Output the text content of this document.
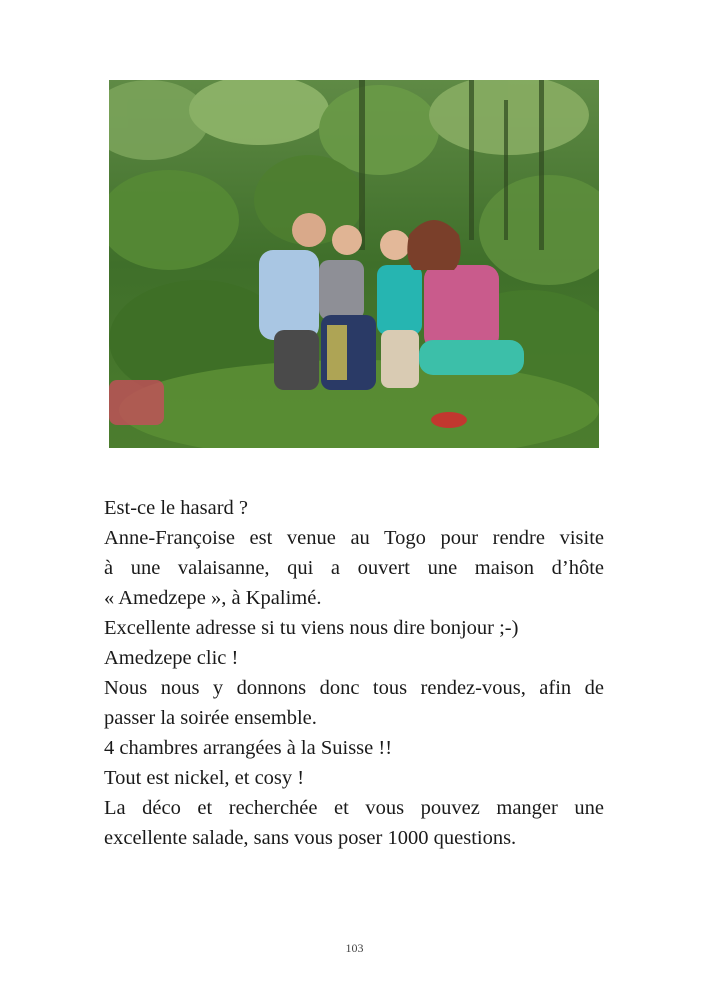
Est-ce le hasard ?
Anne-Françoise est venue au Togo pour rendre visite
à une valaisanne, qui a ouvert une maison d’hôte
« Amedzepe », à Kpalimé.
Excellente adresse si tu viens nous dire bonjour ;-)
Amedzepe clic !
Nous nous y donnons donc tous rendez-vous, afin de
passer la soirée ensemble.
4 chambres arrangées à la Suisse !!
Tout est nickel, et cosy !
La déco et recherchée et vous pouvez manger une
excellente salade, sans vous poser 1000 questions.
103
